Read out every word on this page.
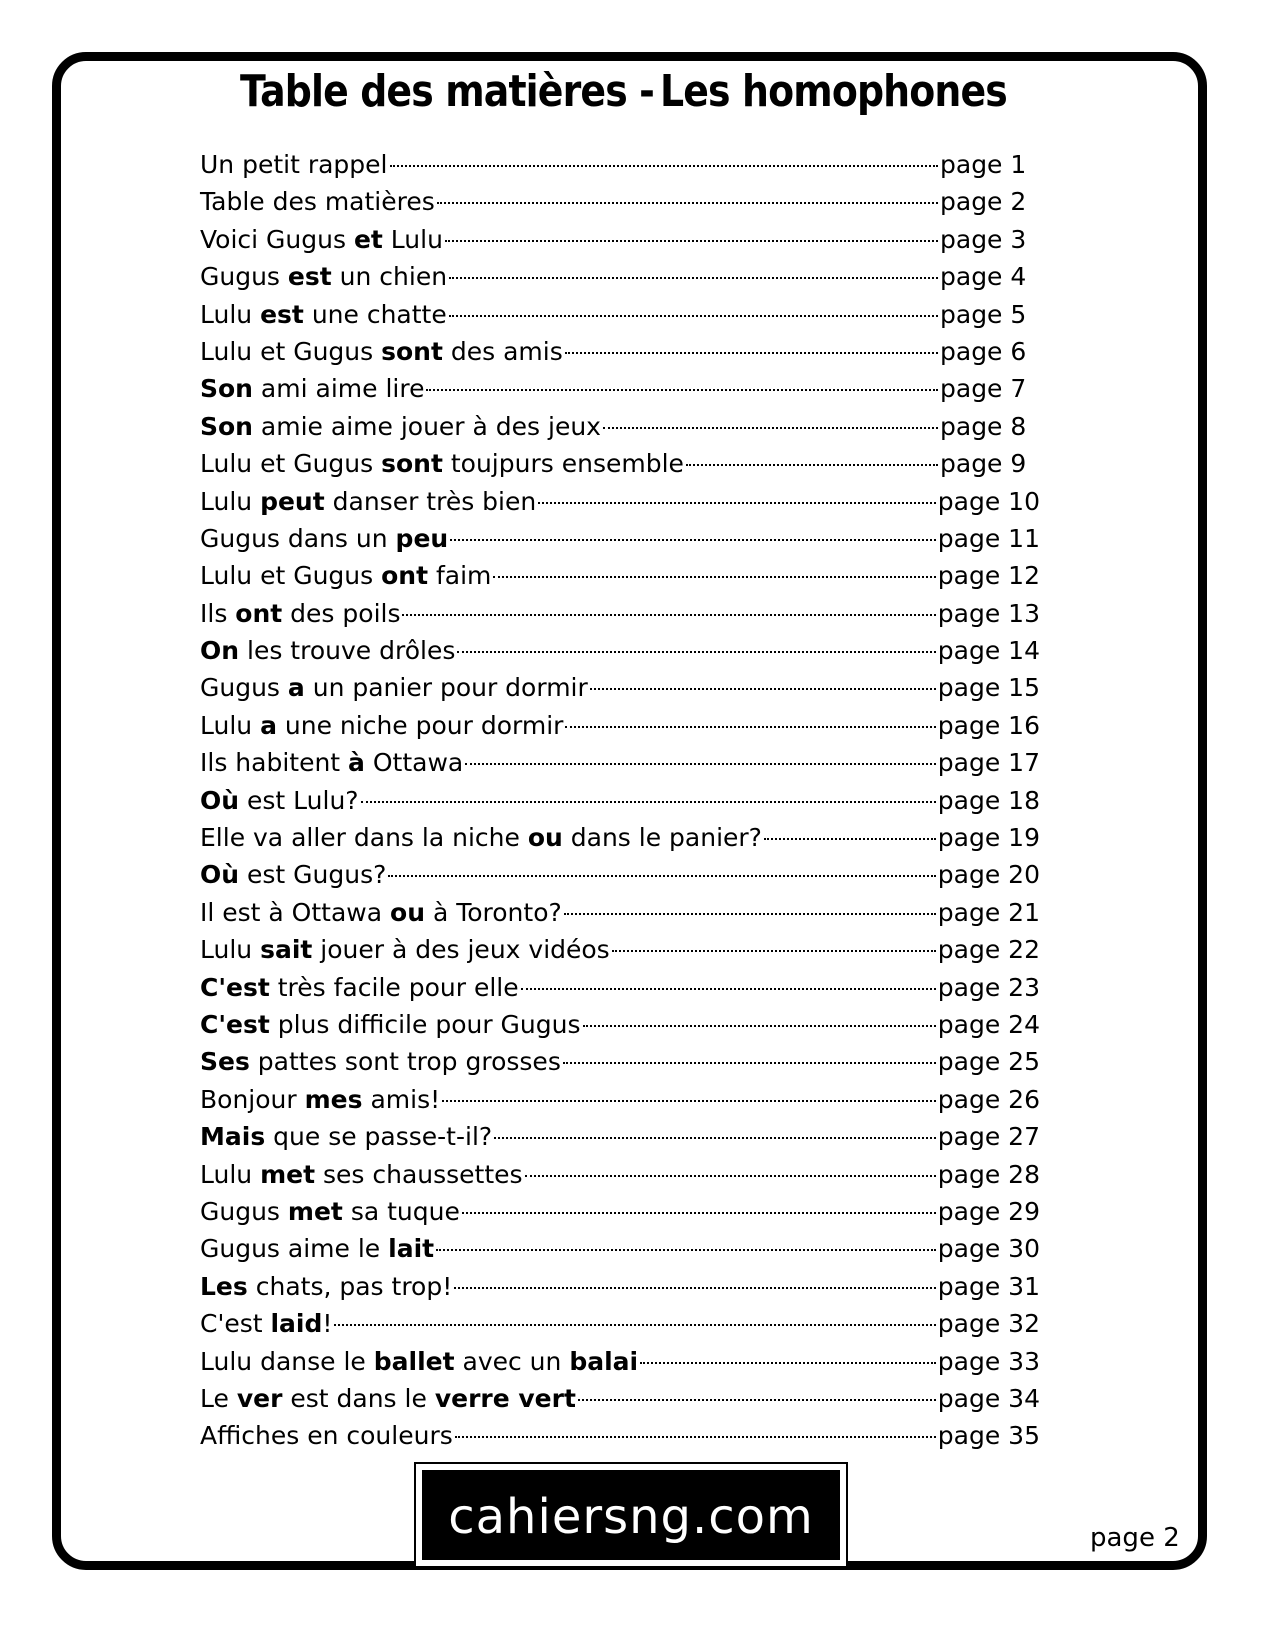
Table des matières -

Les homophones

Un petit rappel	page 1
Table des matières	page 2
Voici Gugus et Lulu	page 3
Gugus est un chien	page 4
Lulu est une chatte	page 5
Lulu et Gugus sont des amis	page 6
Son ami aime lire	page 7
Son amie aime jouer à des jeux	page 8
Lulu et Gugus sont toujpurs ensemble	page 9
Lulu peut danser très bien	page 10
Gugus dans un peu	page 11
Lulu et Gugus ont faim	page 12
Ils ont des poils	page 13
On les trouve drôles	page 14
Gugus a un panier pour dormir	page 15
Lulu a une niche pour dormir	page 16
Ils habitent à Ottawa	page 17
Où est Lulu?	page 18
Elle va aller dans la niche ou dans le panier?	page 19
Où est Gugus?	page 20
Il est à Ottawa ou à Toronto?	page 21
Lulu sait jouer à des jeux vidéos	page 22
C'est très facile pour elle	page 23
C'est plus difficile pour Gugus	page 24
Ses pattes sont trop grosses	page 25
Bonjour mes amis!	page 26
Mais que se passe-t-il?	page 27
Lulu met ses chaussettes	page 28
Gugus met sa tuque	page 29
Gugus aime le lait	page 30
Les chats, pas trop!	page 31
C'est laid!	page 32
Lulu danse le ballet avec un balai	page 33
Le ver est dans le verre vert	page 34
Affiches en couleurs	page 35
cahiersng.com	page 2
